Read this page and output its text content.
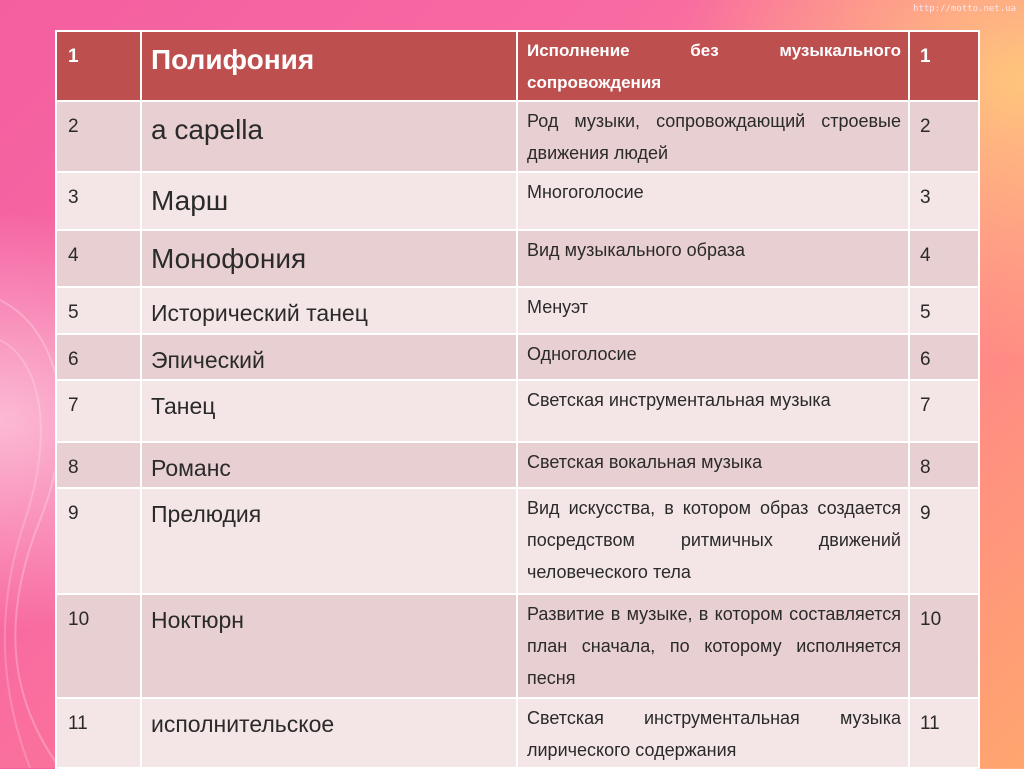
http://motto.net.ua
1	Полифония	Исполнение без музыкального сопровождения	1
2	a capella	Род музыки, сопровождающий строевые движения людей	2
3	Марш	Многоголосие	3
4	Монофония	Вид музыкального образа	4
5	Исторический танец	Менуэт	5
6	Эпический	Одноголосие	6
7	Танец	Светская инструментальная музыка	7
8	Романс	Светская вокальная музыка	8
9	Прелюдия	Вид искусства, в котором образ создается посредством ритмичных движений человеческого тела	9
10	Ноктюрн	Развитие в музыке, в котором составляется план сначала, по которому исполняется песня	10
11	исполнительское	Светская инструментальная музыка лирического содержания	11
